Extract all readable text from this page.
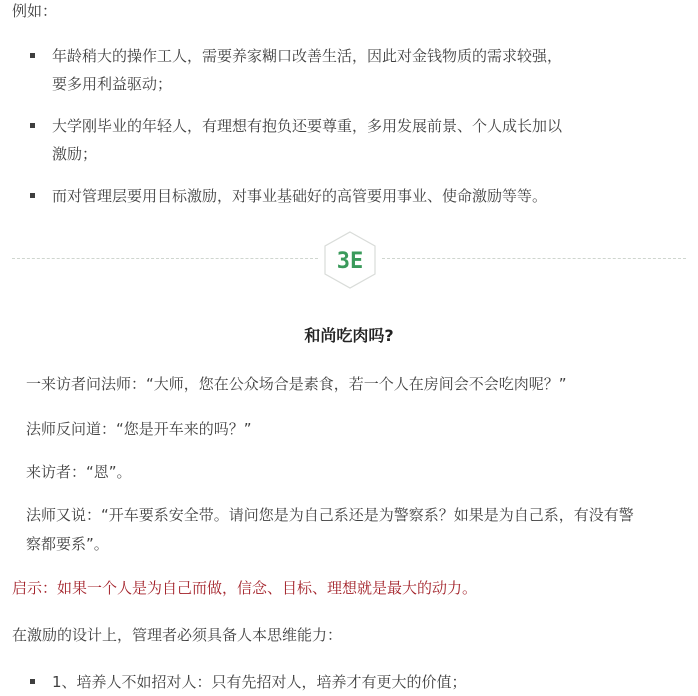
例如：
年龄稍大的操作工人，需要养家糊口改善生活，因此对金钱物质的需求较强，
要多用利益驱动；
大学刚毕业的年轻人，有理想有抱负还要尊重，多用发展前景、个人成长加以
激励；
而对管理层要用目标激励，对事业基础好的高管要用事业、使命激励等等。
3E
和尚吃肉吗?
一来访者问法师：“大师，您在公众场合是素食，若一个人在房间会不会吃肉呢？”
法师反问道：“您是开车来的吗？”
来访者：“恩”。
法师又说：“开车要系安全带。请问您是为自己系还是为警察系？如果是为自己系，有没有警
察都要系”。
启示：如果一个人是为自己而做，信念、目标、理想就是最大的动力。
在激励的设计上，管理者必须具备人本思维能力：
1、培养人不如招对人：只有先招对人，培养才有更大的价值；
